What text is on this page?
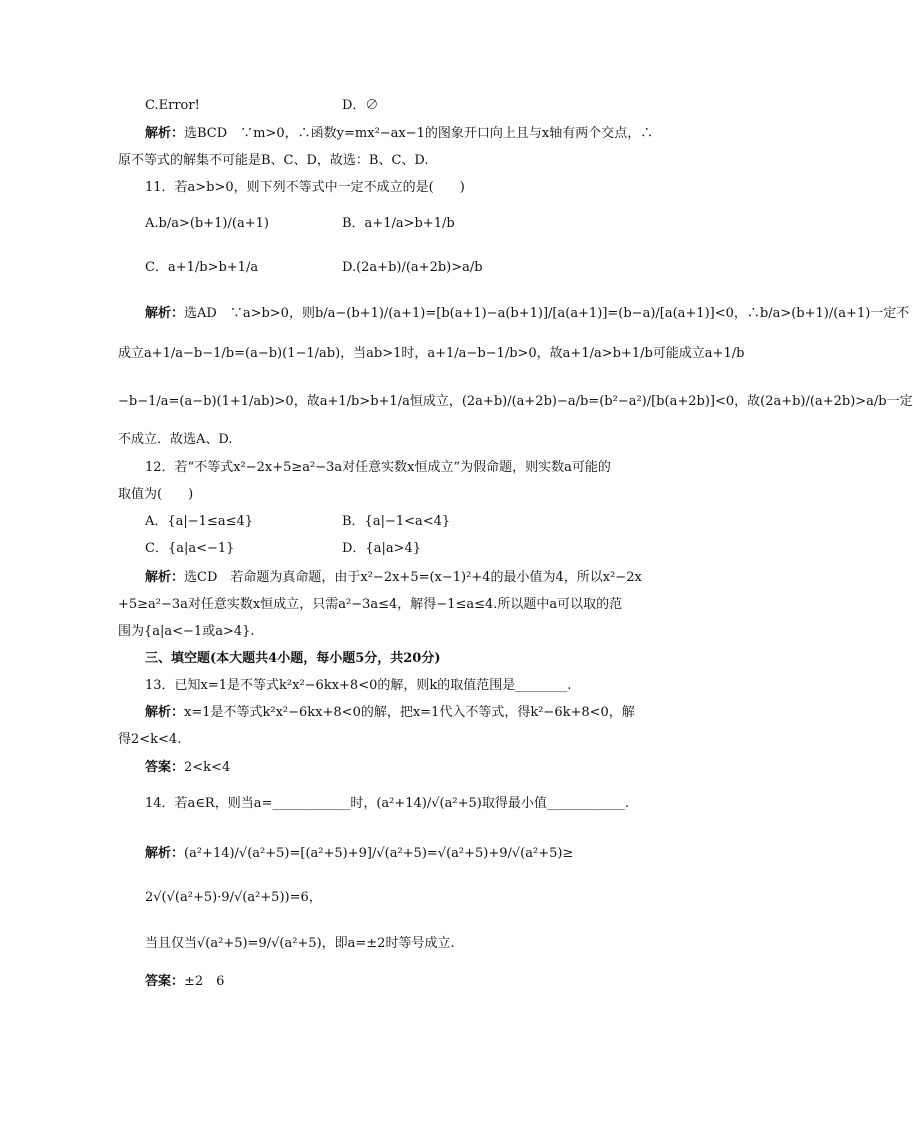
解析：选BCD　∵m>0，∴函数y=mx²−ax−1的图象开口向上且与x轴有两个交点，∴
原不等式的解集不可能是B、C、D，故选：B、C、D.
11．若a>b>0，则下列不等式中一定不成立的是(　　)
解析：选AD　∵a>b>0，则b/a−(b+1)/(a+1)=[b(a+1)−a(b+1)]/[a(a+1)]=(b−a)/[a(a+1)]<0，∴b/a>(b+1)/(a+1)一定不
成立a+1/a−b−1/b=(a−b)(1−1/ab)，当ab>1时，a+1/a−b−1/b>0，故a+1/a>b+1/b可能成立a+1/b
−b−1/a=(a−b)(1+1/ab)>0，故a+1/b>b+1/a恒成立，(2a+b)/(a+2b)−a/b=(b²−a²)/[b(a+2b)]<0，故(2a+b)/(a+2b)>a/b一定
不成立．故选A、D.
12．若“不等式x²−2x+5≥a²−3a对任意实数x恒成立”为假命题，则实数a可能的
取值为(　　)
解析：选CD　若命题为真命题，由于x²−2x+5=(x−1)²+4的最小值为4，所以x²−2x
+5≥a²−3a对任意实数x恒成立，只需a²−3a≤4，解得−1≤a≤4.所以题中a可以取的范
围为{a|a<−1或a>4}.
三、填空题(本大题共4小题，每小题5分，共20分)
13．已知x=1是不等式k²x²−6kx+8<0的解，则k的取值范围是________.
解析：x=1是不等式k²x²−6kx+8<0的解，把x=1代入不等式，得k²−6k+8<0，解
得2<k<4.
答案：2<k<4
14．若a∈R，则当a=____________时，(a²+14)/√(a²+5)取得最小值____________.
解析：(a²+14)/√(a²+5)=[(a²+5)+9]/√(a²+5)=√(a²+5)+9/√(a²+5)≥
2√(√(a²+5)·9/√(a²+5))=6，
当且仅当√(a²+5)=9/√(a²+5)，即a=±2时等号成立.
答案：±2　6
C.Error!	D．∅
A.b/a>(b+1)/(a+1)	B．a+1/a>b+1/b
C．a+1/b>b+1/a	D.(2a+b)/(a+2b)>a/b
A．{a|−1≤a≤4}	B．{a|−1<a<4}
C．{a|a<−1}	D．{a|a>4}
